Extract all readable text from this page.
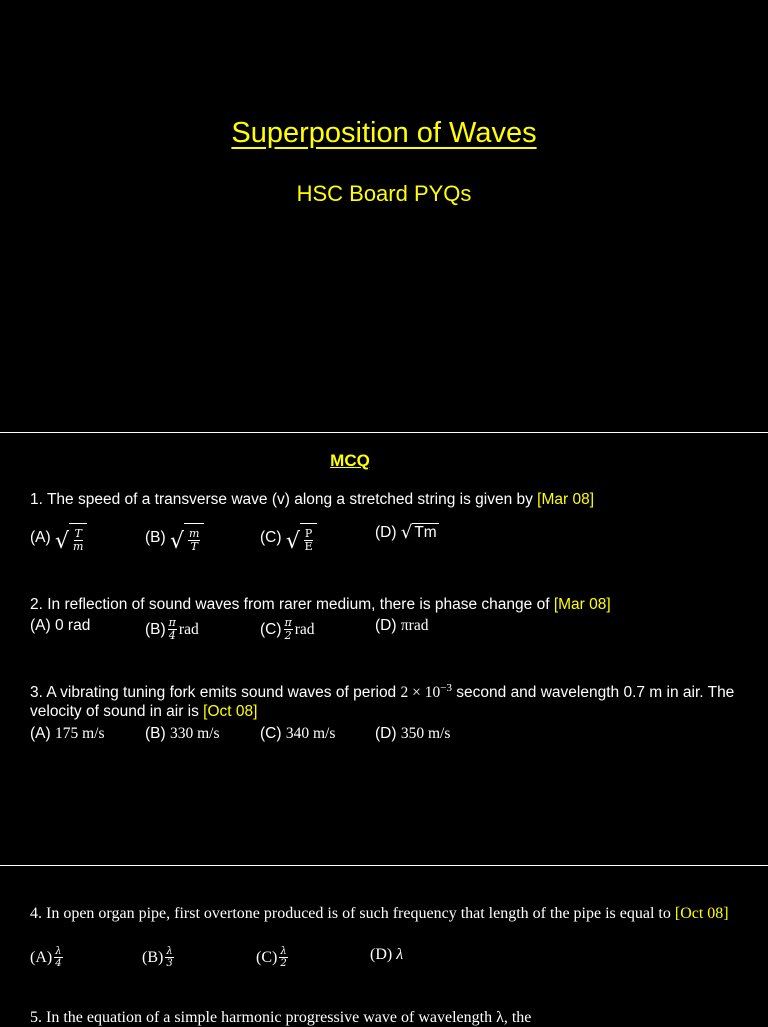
Superposition of Waves
HSC Board PYQs
MCQ
1. The speed of a transverse wave (v) along a stretched string is given by [Mar 08]
(A)
√ $\frac{T}{m}$	(B)
√ $\frac{m}{T}$	(C)
√ $\frac{P}{E}$	(D)
√ Tm
2. In reflection of sound waves from rarer medium, there is phase change of [Mar 08]
(A)
0 rad	$(B) \frac{\pi}{4}$ rad	$(C) \frac{\pi}{2}$ rad	(D)
πrad
3. A vibrating tuning fork emits sound waves of period $2 \times 10^{-3}$ second and wavelength 0.7 m in air. The velocity of sound in air is [Oct 08]
(A)
175 m/s	(B)
330 m/s	(C)
340 m/s	(D)
350 m/s
4. In open organ pipe, first overtone produced is of such frequency that length of the pipe is equal to [Oct 08]
$(A) \frac{\lambda}{4}$	$(B) \frac{\lambda}{3}$	$(C) \frac{\lambda}{2}$	(D)
λ
5. In the equation of a simple harmonic progressive wave of wavelength λ, the
